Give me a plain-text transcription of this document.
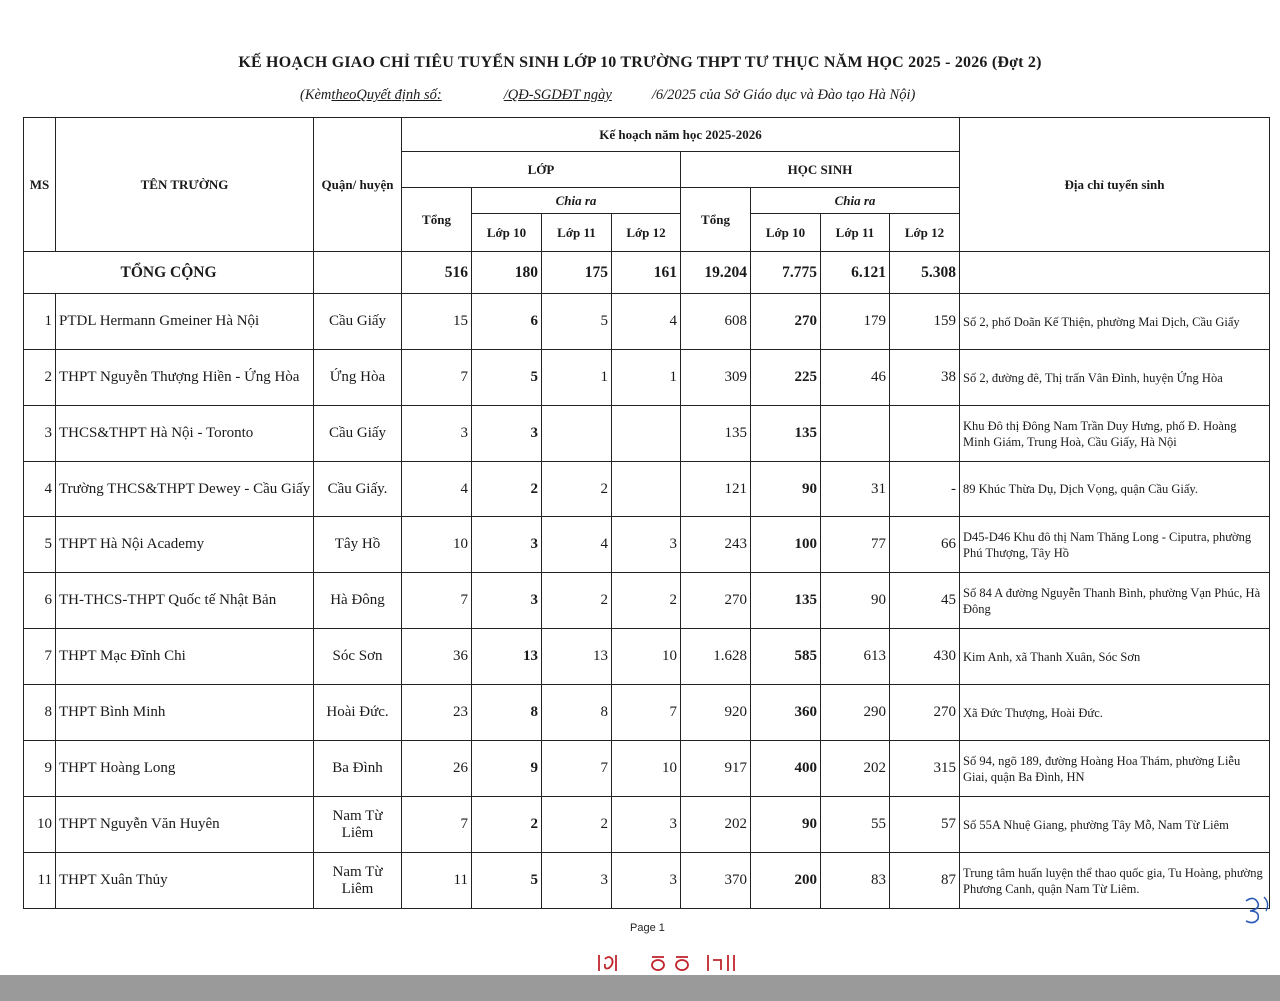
KẾ HOẠCH GIAO CHỈ TIÊU TUYỂN SINH LỚP 10 TRƯỜNG THPT TƯ THỤC NĂM HỌC 2025 - 2026 (Đợt 2)
(KèmtheoQuyết định số:	/QĐ-SGDĐT ngày	/6/2025 của Sở Giáo dục và Đào tạo Hà Nội)
MS	TÊN TRƯỜNG	Quận/ huyện	Kế hoạch năm học 2025-2026								Địa chỉ tuyển sinh
			LỚP				HỌC SINH				
			Tổng	Chia ra			Tổng	Chia ra			
				Lớp 10	Lớp 11	Lớp 12		Lớp 10	Lớp 11	Lớp 12	
TỔNG CỘNG			516	180	175	161	19.204	7.775	6.121	5.308	
1	PTDL Hermann Gmeiner Hà Nội	Cầu Giấy	15	6	5	4	608	270	179	159	Số 2, phố Doãn Kế Thiện, phường Mai Dịch, Cầu Giấy
2	THPT Nguyễn Thượng Hiền - Ứng Hòa	Ứng Hòa	7	5	1	1	309	225	46	38	Số 2, đường đê, Thị trấn Vân Đình, huyện Ứng Hòa
3	THCS&THPT Hà Nội - Toronto	Cầu Giấy	3	3			135	135			Khu Đô thị Đông Nam Trần Duy Hưng, phố Đ. Hoàng Minh Giám, Trung Hoà, Cầu Giấy, Hà Nội
4	Trường THCS&THPT Dewey - Cầu Giấy	Cầu Giấy.	4	2	2		121	90	31	-	89 Khúc Thừa Dụ, Dịch Vọng, quận Cầu Giấy.
5	THPT Hà Nội Academy	Tây Hồ	10	3	4	3	243	100	77	66	D45-D46 Khu đô thị Nam Thăng Long - Ciputra, phường Phú Thượng, Tây Hồ
6	TH-THCS-THPT Quốc tế Nhật Bản	Hà Đông	7	3	2	2	270	135	90	45	Số 84 A đường Nguyễn Thanh Bình, phường Vạn Phúc, Hà Đông
7	THPT Mạc Đĩnh Chi	Sóc Sơn	36	13	13	10	1.628	585	613	430	Kim Anh, xã Thanh Xuân, Sóc Sơn
8	THPT Bình Minh	Hoài Đức.	23	8	8	7	920	360	290	270	Xã Đức Thượng, Hoài Đức.
9	THPT Hoàng Long	Ba Đình	26	9	7	10	917	400	202	315	Số 94, ngõ 189, đường Hoàng Hoa Thám, phường Liễu Giai, quận Ba Đình, HN
10	THPT Nguyễn Văn Huyên	Nam Từ Liêm	7	2	2	3	202	90	55	57	Số 55A Nhuệ Giang, phường Tây Mỗ, Nam Từ Liêm
11	THPT Xuân Thủy	Nam Từ Liêm	11	5	3	3	370	200	83	87	Trung tâm huấn luyện thể thao quốc gia, Tu Hoàng, phường Phương Canh, quận Nam Từ Liêm.
Page 1
